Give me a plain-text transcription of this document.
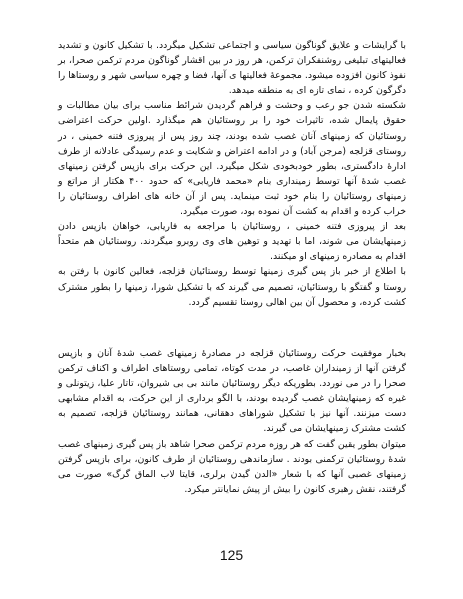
با گرایشات و علایق گوناگون سیاسی و اجتماعی تشکیل میگردد. با تشکیل کانون و تشدید فعالیتهای تبلیغی روشنفکران ترکمن، هر روز در بین اقشار گوناگون مردم ترکمن صحرا، بر نفوذ کانون افزوده میشود. مجموعهٔ فعالیتها ی آنها، فضا و چهره سیاسی شهر و روستاها را دگرگون کرده ، نمای تازه ای به منطقه میدهد.

شکسته شدن جو رعب و وحشت و فراهم گردیدن شرائط مناسب برای بیان مطالبات و حقوق پایمال شده، تاثیرات خود را بر روستائیان هم میگذارد .اولین حرکت اعتراضی روستائیان که زمینهای آنان غصب شده بودند، چند روز پس از پیروزی فتنه خمینی ، در روستای قزلجه (مرجن آباد) و در ادامه اعتراض و شکایت و عدم رسیدگی عادلانه از طرف ادارهٔ دادگستری، بطور خودبخودی شکل میگیرد. این حرکت برای بازپس گرفتن زمینهای غصب شدهٔ آنها توسط زمینداری بنام «محمد فاریابی» که حدود ۴۰۰ هکتار از مراتع و زمینهای روستائیان را بنام خود ثبت مینماید. پس از آن خانه های اطراف روستائیان را خراب کرده و اقدام به کشت آن نموده بود، صورت میگیرد.

بعد از پیروزی فتنه خمینی ، روستائیان با مراجعه به فاریابی، خواهان بازپس دادن زمینهایشان می شوند، اما با تهدید و توهین های وی روبرو میگردند. روستائیان هم متحداً اقدام به مصادره زمینهای او میکنند.

با اطلاع از خبر باز پس گیری زمینها توسط روستائیان قزلجه، فعالین کانون با رفتن به روستا و گفتگو با روستائیان، تصمیم می گیرند که با تشکیل شورا، زمینها را بطور مشترک کشت کرده، و محصول آن بین اهالی روستا تقسیم گردد.

بخبار موفقیت حرکت روستائیان قزلجه در مصادرهٔ زمینهای غصب شدهٔ آنان و بازپس گرفتن آنها از زمینداران غاصب، در مدت کوتاه، تمامی روستاهای اطراف و اکناف ترکمن صحرا را در می نوردد. بطوریکه دیگر روستائیان مانند بی بی شیروان، تاتار علیا، زیتونلی و غیره که زمینهایشان غصب گردیده بودند، با الگو برداری از این حرکت، به اقدام مشابهی دست میزنند. آنها نیز با تشکیل شوراهای دهقانی، همانند روستائیان قزلجه، تصمیم به کشت مشترک زمینهایشان می گیرند.

میتوان بطور یقین گفت که هر روزه مردم ترکمن صحرا شاهد باز پس گیری زمینهای غصب شدهٔ روستائیان ترکمنی بودند . سازماندهی روستائیان از طرف کانون، برای بازپس گرفتن زمینهای غصبی آنها که با شعار «الدن گیدن برلری، قایتا لاب الماق گرگ» صورت می گرفتند، نقش رهبری کانون را بیش از پیش نمایانتر میکرد.

125
